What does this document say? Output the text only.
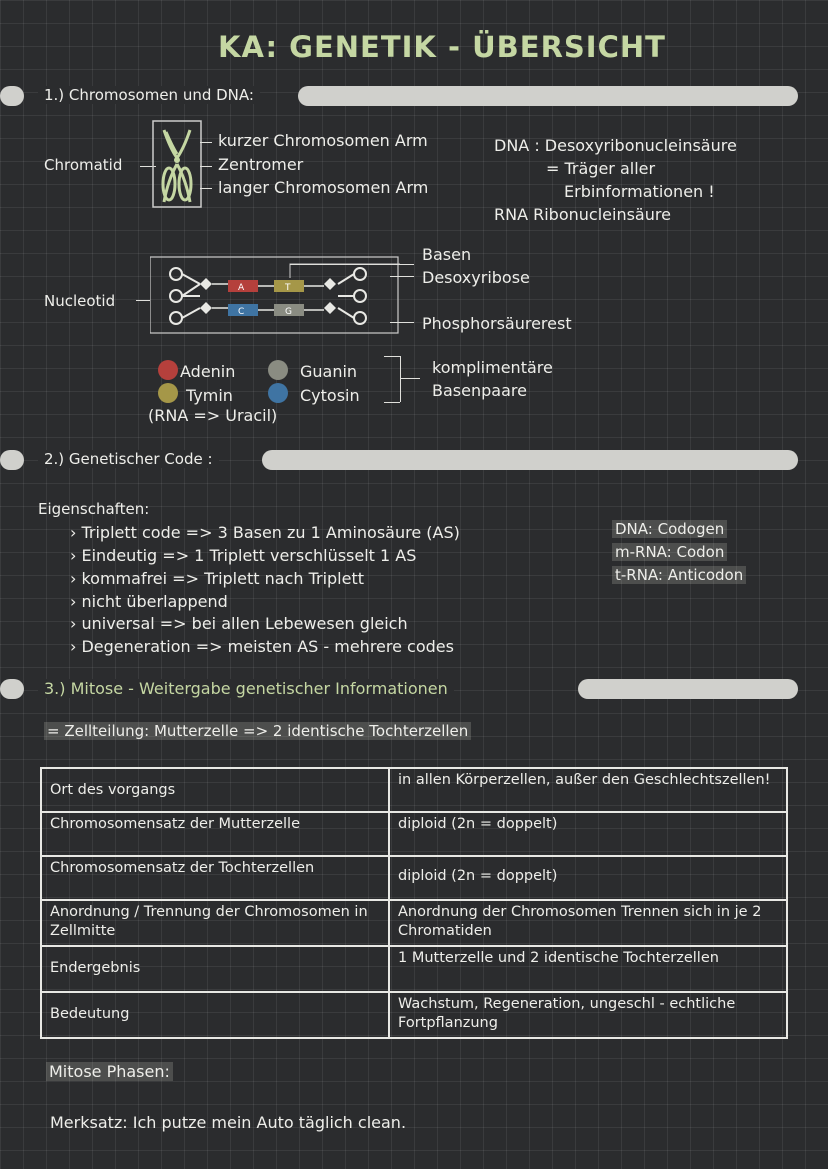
KA: GENETIK - ÜBERSICHT
1.) Chromosomen und DNA:
Chromatid
kurzer Chromosomen Arm
Zentromer
langer Chromosomen Arm
DNA : Desoxyribonucleinsäure
= Träger aller
Erbinformationen !
RNA Ribonucleinsäure
Nucleotid
A
C
T
G
Basen
Desoxyribose
Phosphorsäurerest
Adenin
Tymin
Guanin
Cytosin
(RNA => Uracil)
komplimentäre
Basenpaare
2.) Genetischer Code :
Eigenschaften:
› Triplett code => 3 Basen zu 1 Aminosäure (AS)
› Eindeutig => 1 Triplett verschlüsselt 1 AS
› kommafrei => Triplett nach Triplett
› nicht überlappend
› universal => bei allen Lebewesen gleich
› Degeneration => meisten AS - mehrere codes
DNA: Codogen
m-RNA: Codon
t-RNA: Anticodon
3.) Mitose - Weitergabe genetischer Informationen
= Zellteilung: Mutterzelle => 2 identische Tochterzellen
Ort des vorgangs	in allen Körperzellen, außer den Geschlechtszellen!
Chromosomensatz der Mutterzelle	diploid (2n = doppelt)
Chromosomensatz der Tochterzellen	diploid (2n = doppelt)

Anordnung / Trennung der Chromosomen in Zellmitte	Anordnung der Chromosomen Trennen sich in je 2 Chromatiden

Endergebnis	1 Mutterzelle und 2 identische Tochterzellen

Bedeutung	Wachstum, Regeneration, ungeschl - echtliche Fortpflanzung
Mitose Phasen:
Merksatz: Ich putze mein Auto täglich clean.
